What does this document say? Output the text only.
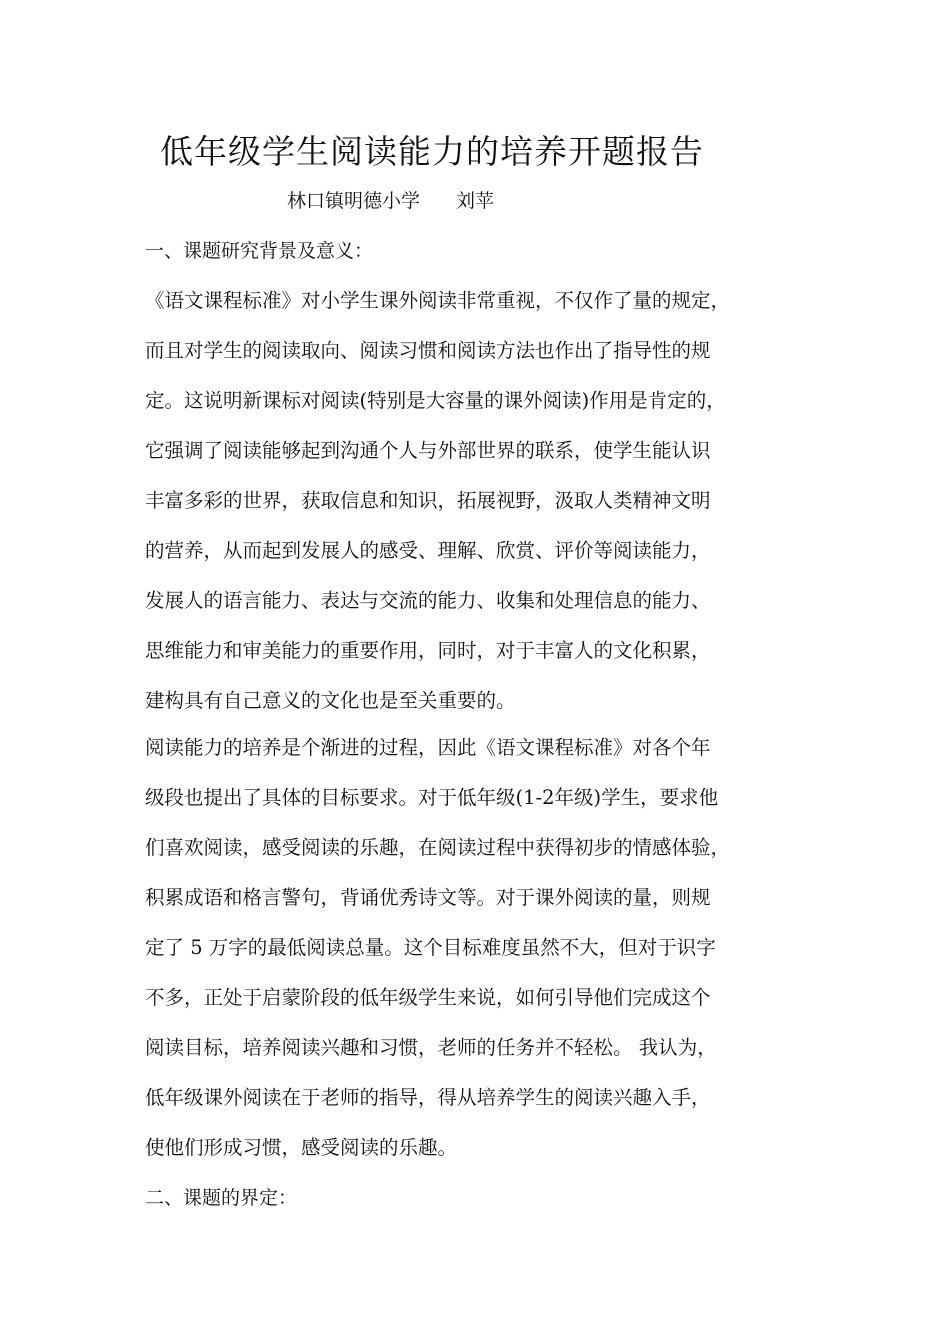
低年级学生阅读能力的培养开题报告
林口镇明德小学 刘苹
一、课题研究背景及意义：
《语文课程标准》对小学生课外阅读非常重视，不仅作了量的规定，
而且对学生的阅读取向、阅读习惯和阅读方法也作出了指导性的规
定。这说明新课标对阅读(特别是大容量的课外阅读)作用是肯定的，
它强调了阅读能够起到沟通个人与外部世界的联系，使学生能认识
丰富多彩的世界，获取信息和知识，拓展视野，汲取人类精神文明
的营养，从而起到发展人的感受、理解、欣赏、评价等阅读能力，
发展人的语言能力、表达与交流的能力、收集和处理信息的能力、
思维能力和审美能力的重要作用，同时，对于丰富人的文化积累，
建构具有自己意义的文化也是至关重要的。
阅读能力的培养是个渐进的过程，因此《语文课程标准》对各个年
级段也提出了具体的目标要求。对于低年级(1-2年级)学生，要求他
们喜欢阅读，感受阅读的乐趣，在阅读过程中获得初步的情感体验，
积累成语和格言警句，背诵优秀诗文等。对于课外阅读的量，则规
定了 5 万字的最低阅读总量。这个目标难度虽然不大，但对于识字
不多，正处于启蒙阶段的低年级学生来说，如何引导他们完成这个
阅读目标，培养阅读兴趣和习惯，老师的任务并不轻松。 我认为，
低年级课外阅读在于老师的指导，得从培养学生的阅读兴趣入手，
使他们形成习惯，感受阅读的乐趣。
二、课题的界定：
